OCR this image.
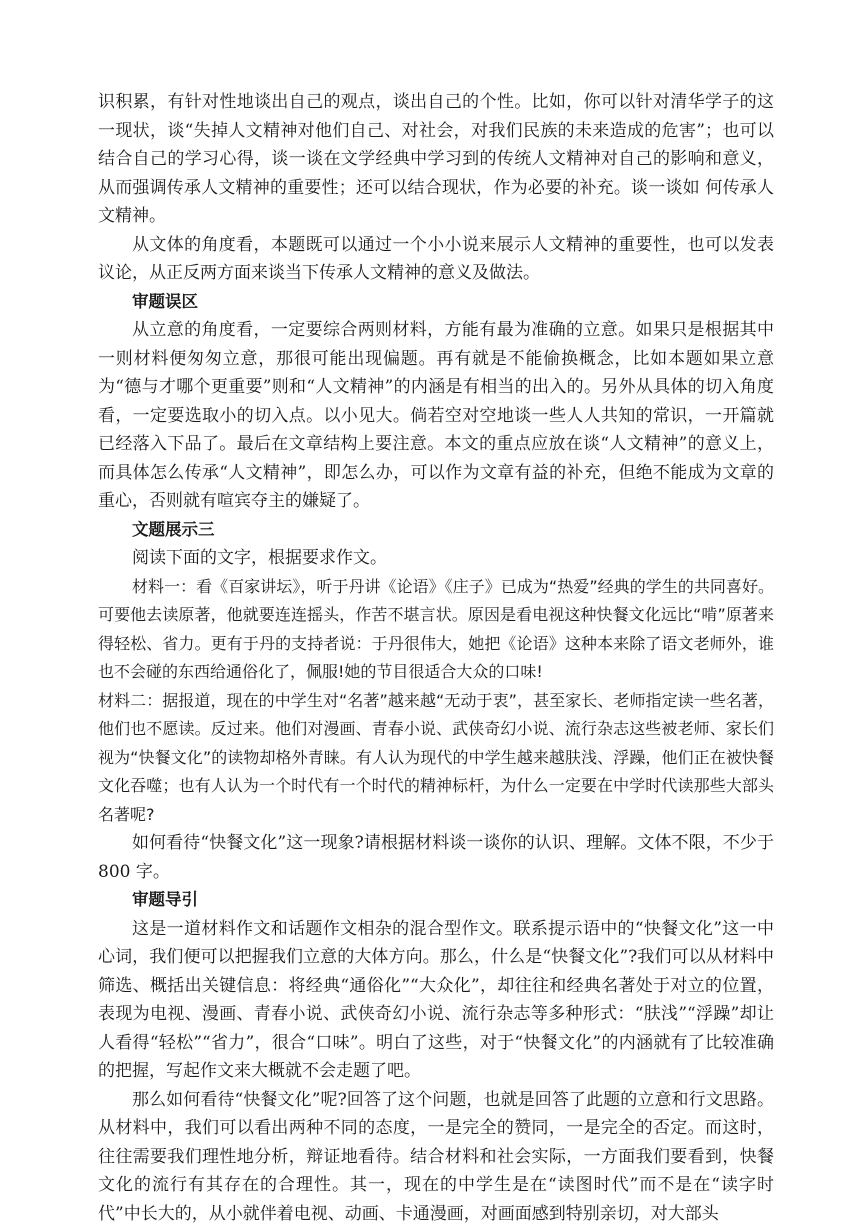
识积累，有针对性地谈出自己的观点，谈出自己的个性。比如，你可以针对清华学子的这一现状，谈“失掉人文精神对他们自己、对社会，对我们民族的未来造成的危害”；也可以结合自己的学习心得，谈一谈在文学经典中学习到的传统人文精神对自己的影响和意义，从而强调传承人文精神的重要性；还可以结合现状，作为必要的补充。谈一谈如 何传承人文精神。

从文体的角度看，本题既可以通过一个小小说来展示人文精神的重要性，也可以发表议论，从正反两方面来谈当下传承人文精神的意义及做法。

审题误区

从立意的角度看，一定要综合两则材料，方能有最为准确的立意。如果只是根据其中一则材料便匆匆立意，那很可能出现偏题。再有就是不能偷换概念，比如本题如果立意为“德与才哪个更重要”则和“人文精神”的内涵是有相当的出入的。另外从具体的切入角度看，一定要选取小的切入点。以小见大。倘若空对空地谈一些人人共知的常识，一开篇就已经落入下品了。最后在文章结构上要注意。本文的重点应放在谈“人文精神”的意义上，而具体怎么传承“人文精神”，即怎么办，可以作为文章有益的补充，但绝不能成为文章的重心，否则就有喧宾夺主的嫌疑了。

文题展示三

阅读下面的文字，根据要求作文。

材料一：看《百家讲坛》，听于丹讲《论语》《庄子》已成为“热爱”经典的学生的共同喜好。可要他去读原著，他就要连连摇头，作苦不堪言状。原因是看电视这种快餐文化远比“啃”原著来得轻松、省力。更有于丹的支持者说：于丹很伟大，她把《论语》这种本来除了语文老师外，谁也不会碰的东西给通俗化了，佩服!她的节目很适合大众的口味!

材料二：据报道，现在的中学生对“名著”越来越“无动于衷”，甚至家长、老师指定读一些名著，他们也不愿读。反过来。他们对漫画、青春小说、武侠奇幻小说、流行杂志这些被老师、家长们视为“快餐文化”的读物却格外青睐。有人认为现代的中学生越来越肤浅、浮躁，他们正在被快餐文化吞噬；也有人认为一个时代有一个时代的精神标杆，为什么一定要在中学时代读那些大部头名著呢?

如何看待“快餐文化”这一现象?请根据材料谈一谈你的认识、理解。文体不限，不少于 800 字。

审题导引

这是一道材料作文和话题作文相杂的混合型作文。联系提示语中的“快餐文化”这一中心词，我们便可以把握我们立意的大体方向。那么，什么是“快餐文化”?我们可以从材料中筛选、概括出关键信息：将经典“通俗化”“大众化”，却往往和经典名著处于对立的位置，表现为电视、漫画、青春小说、武侠奇幻小说、流行杂志等多种形式：“肤浅”“浮躁”却让人看得“轻松”“省力”，很合“口味”。明白了这些，对于“快餐文化”的内涵就有了比较准确的把握，写起作文来大概就不会走题了吧。

那么如何看待“快餐文化”呢?回答了这个问题，也就是回答了此题的立意和行文思路。从材料中，我们可以看出两种不同的态度，一是完全的赞同，一是完全的否定。而这时，往往需要我们理性地分析，辩证地看待。结合材料和社会实际，一方面我们要看到，快餐文化的流行有其存在的合理性。其一，现在的中学生是在“读图时代”而不是在“读字时代”中长大的，从小就伴着电视、动画、卡通漫画，对画面感到特别亲切，对大部头
